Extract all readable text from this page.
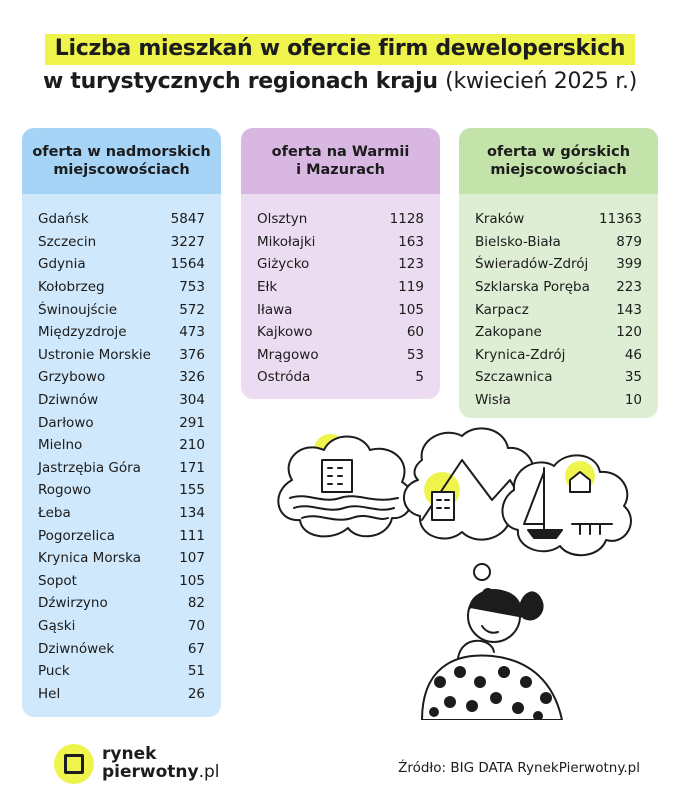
Liczba mieszkań w ofercie firm deweloperskich
w turystycznych regionach kraju (kwiecień 2025 r.)
oferta w nadmorskich
miejscowościach
Gdańsk	5847
Szczecin	3227
Gdynia	1564
Kołobrzeg	753
Świnoujście	572
Międzyzdroje	473
Ustronie Morskie 376
Grzybowo	326
Dziwnów	304
Darłowo	291
Mielno	210
Jastrzębia Góra	171
Rogowo	155
Łeba	134
Pogorzelica	111
Krynica Morska	107
Sopot	105
Dźwirzyno	82
Gąski	70
Dziwnówek	67
Puck	51
Hel	26
oferta na Warmii
i Mazurach
Olsztyn	1128
Mikołajki	163
Giżycko	123
Ełk	119
Iława	105
Kajkowo	60
Mrągowo	53
Ostróda	5
oferta w górskich
miejscowościach
Kraków	11363
Bielsko-Biała	879
Świeradów-Zdrój 399
Szklarska Poręba 223
Karpacz	143
Zakopane	120
Krynica-Zdrój	46
Szczawnica	35
Wisła	10
rynek
pierwotny.pl	Źródło: BIG DATA RynekPierwotny.pl
